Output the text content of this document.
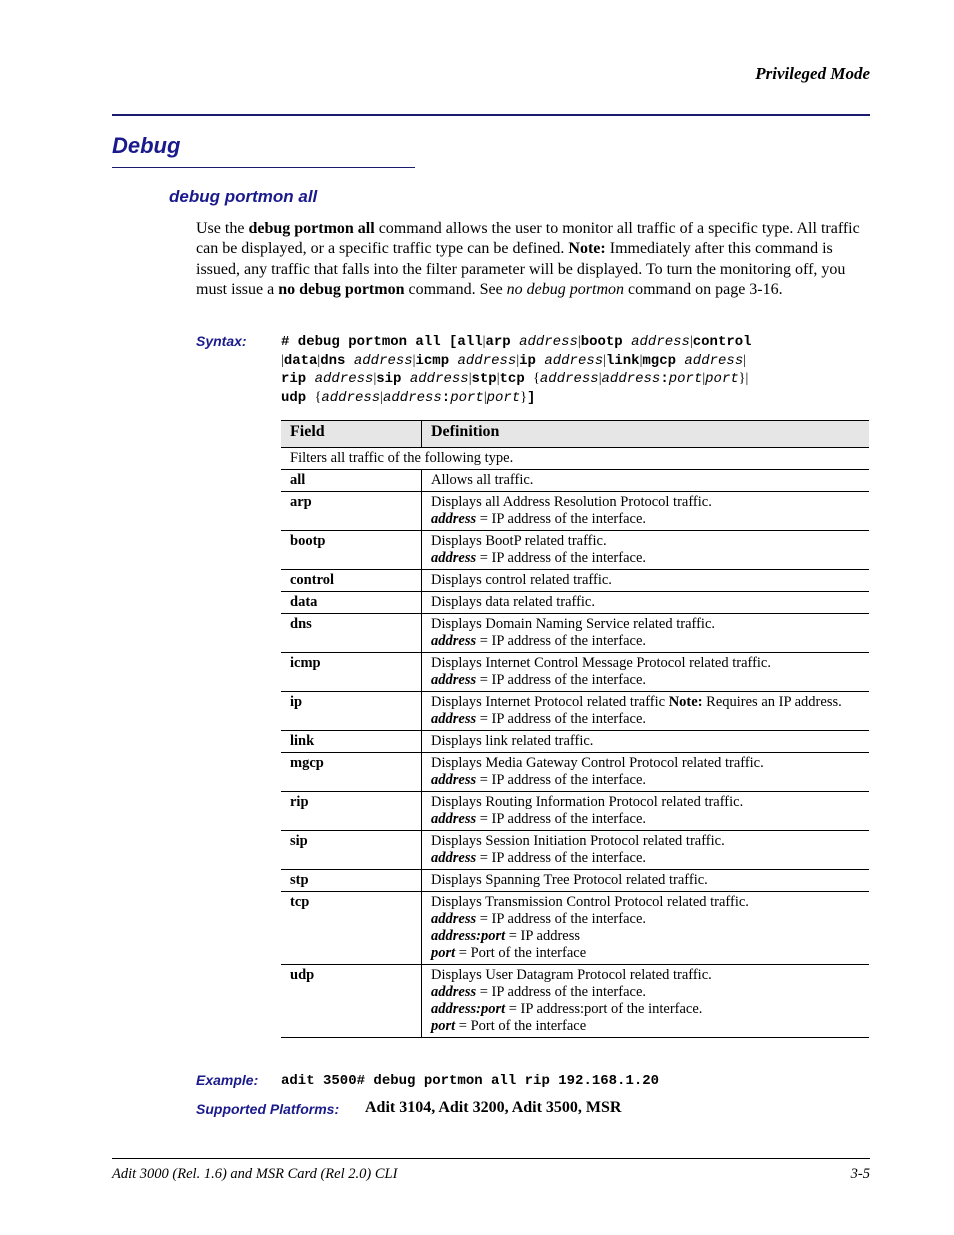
Privileged Mode
Debug
debug portmon all
Use the debug portmon all command allows the user to monitor all traffic of a specific type. All traffic can be displayed, or a specific traffic type can be defined. Note: Immediately after this command is issued, any traffic that falls into the filter parameter will be displayed. To turn the monitoring off, you must issue a no debug portmon command. See no debug portmon command on page 3-16.
Syntax: # debug portmon all [all|arp address|bootp address|control
|data|dns address|icmp address|ip address|link|mgcp address|
rip address|sip address|stp|tcp {address|address:port|port}|
udp {address|address:port|port}]
Field	Definition
Filters all traffic of the following type.	
all	Allows all traffic.

arp	Displays all Address Resolution Protocol traffic.
address = IP address of the interface.

bootp	Displays BootP related traffic.
address = IP address of the interface.

control	Displays control related traffic.

data	Displays data related traffic.

dns	Displays Domain Naming Service related traffic.
address = IP address of the interface.

icmp	Displays Internet Control Message Protocol related traffic.
address = IP address of the interface.

ip	Displays Internet Protocol related traffic Note: Requires an IP address.
address = IP address of the interface.

link	Displays link related traffic.

mgcp	Displays Media Gateway Control Protocol related traffic.
address = IP address of the interface.

rip	Displays Routing Information Protocol related traffic.
address = IP address of the interface.

sip	Displays Session Initiation Protocol related traffic.
address = IP address of the interface.

stp	Displays Spanning Tree Protocol related traffic.

tcp	Displays Transmission Control Protocol related traffic.
address = IP address of the interface.
address:port = IP address
port = Port of the interface

udp	Displays User Datagram Protocol related traffic.
address = IP address of the interface.
address:port = IP address:port of the interface.
port = Port of the interface
Example: adit 3500# debug portmon all rip 192.168.1.20
Supported Platforms: Adit 3104, Adit 3200, Adit 3500, MSR
Adit 3000 (Rel. 1.6) and MSR Card (Rel 2.0) CLI	3-5
